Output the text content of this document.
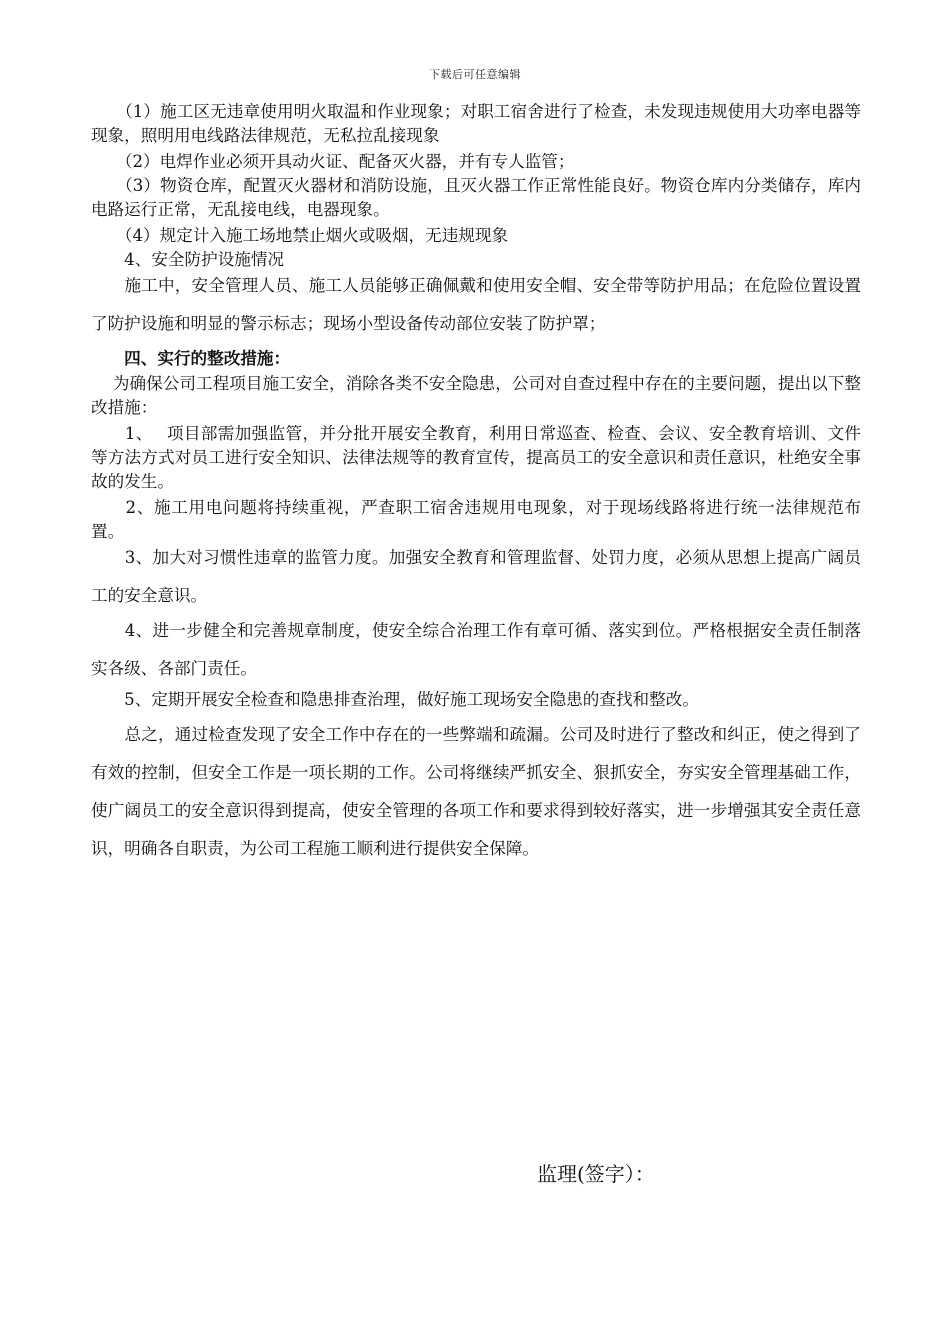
下载后可任意编辑

　　（1）施工区无违章使用明火取温和作业现象；对职工宿舍进行了检查，未发现违规使用大功率电器等现象，照明用电线路法律规范，无私拉乱接现象

　　（2）电焊作业必须开具动火证、配备灭火器，并有专人监管；

　　（3）物资仓库，配置灭火器材和消防设施，且灭火器工作正常性能良好。物资仓库内分类储存，库内电路运行正常，无乱接电线，电器现象。

　　（4）规定计入施工场地禁止烟火或吸烟，无违规现象

　　4、安全防护设施情况

　　施工中，安全管理人员、施工人员能够正确佩戴和使用安全帽、安全带等防护用品；在危险位置设置了防护设施和明显的警示标志；现场小型设备传动部位安装了防护罩；

　　四、实行的整改措施：

　 为确保公司工程项目施工安全，消除各类不安全隐患，公司对自查过程中存在的主要问题，提出以下整改措施：

　　1、　 项目部需加强监管，并分批开展安全教育，利用日常巡查、检查、会议、安全教育培训、文件等方法方式对员工进行安全知识、法律法规等的教育宣传，提高员工的安全意识和责任意识，杜绝安全事故的发生。

　　2、施工用电问题将持续重视，严查职工宿舍违规用电现象，对于现场线路将进行统一法律规范布置。

　　3、加大对习惯性违章的监管力度。加强安全教育和管理监督、处罚力度，必须从思想上提高广阔员工的安全意识。

　　4、进一步健全和完善规章制度，使安全综合治理工作有章可循、落实到位。严格根据安全责任制落实各级、各部门责任。

　　5、定期开展安全检查和隐患排查治理，做好施工现场安全隐患的查找和整改。

　　总之，通过检查发现了安全工作中存在的一些弊端和疏漏。公司及时进行了整改和纠正，使之得到了有效的控制，但安全工作是一项长期的工作。公司将继续严抓安全、狠抓安全，夯实安全管理基础工作，使广阔员工的安全意识得到提高，使安全管理的各项工作和要求得到较好落实，进一步增强其安全责任意识，明确各自职责，为公司工程施工顺利进行提供安全保障。

监理(签字）：
